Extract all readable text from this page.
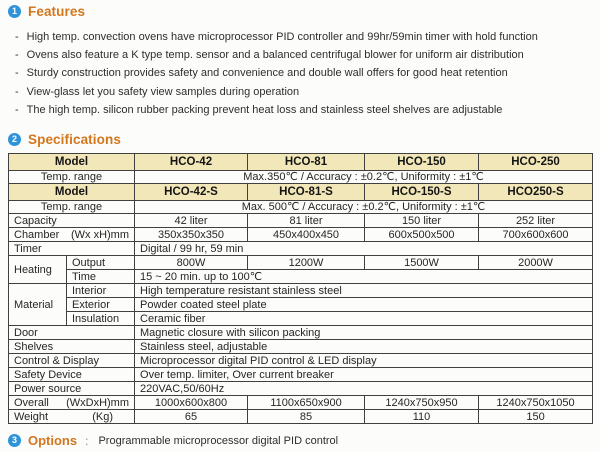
1 Features
- High temp. convection ovens have microprocessor PID controller and 99hr/59min timer with hold function
- Ovens also feature a K type temp. sensor and a balanced centrifugal blower for uniform air distribution
- Sturdy construction provides safety and convenience and double wall offers for good heat retention
- View-glass let you safety view samples during operation
- The high temp. silicon rubber packing prevent heat loss and stainless steel shelves are adjustable
2 Specifications
Model		HCO-42	HCO-81	HCO-150	HCO-250
Temp. range		Max.350℃ / Accuracy : ±0.2℃, Uniformity : ±1℃			
Model		HCO-42-S	HCO-81-S	HCO-150-S	HCO250-S
Temp. range		Max. 500℃ / Accuracy : ±0.2℃, Uniformity : ±1℃			
Capacity		42 liter	81 liter	150 liter	252 liter

Chamber (Wx xH)mm		350x350x350	450x400x450	600x500x500	700x600x600
Timer		Digital / 99 hr, 59 min			
Heating	Output	800W	1200W	1500W	2000W
	Time	15 ~ 20 min. up to 100℃			
Material	Interior	High temperature resistant stainless steel			
	Exterior	Powder coated steel plate			
	Insulation	Ceramic fiber			
Door		Magnetic closure with silicon packing			
Shelves		Stainless steel, adjustable			
Control & Display		Microprocessor digital PID control & LED display			
Safety Device		Over temp. limiter, Over current breaker			
Power source		220VAC,50/60Hz			

Overall (WxDxH)mm		1000x600x800	1100x650x900	1240x750x950	1240x750x1050

Weight (Kg)		65	85	110	150
3 Options : Programmable microprocessor digital PID control
